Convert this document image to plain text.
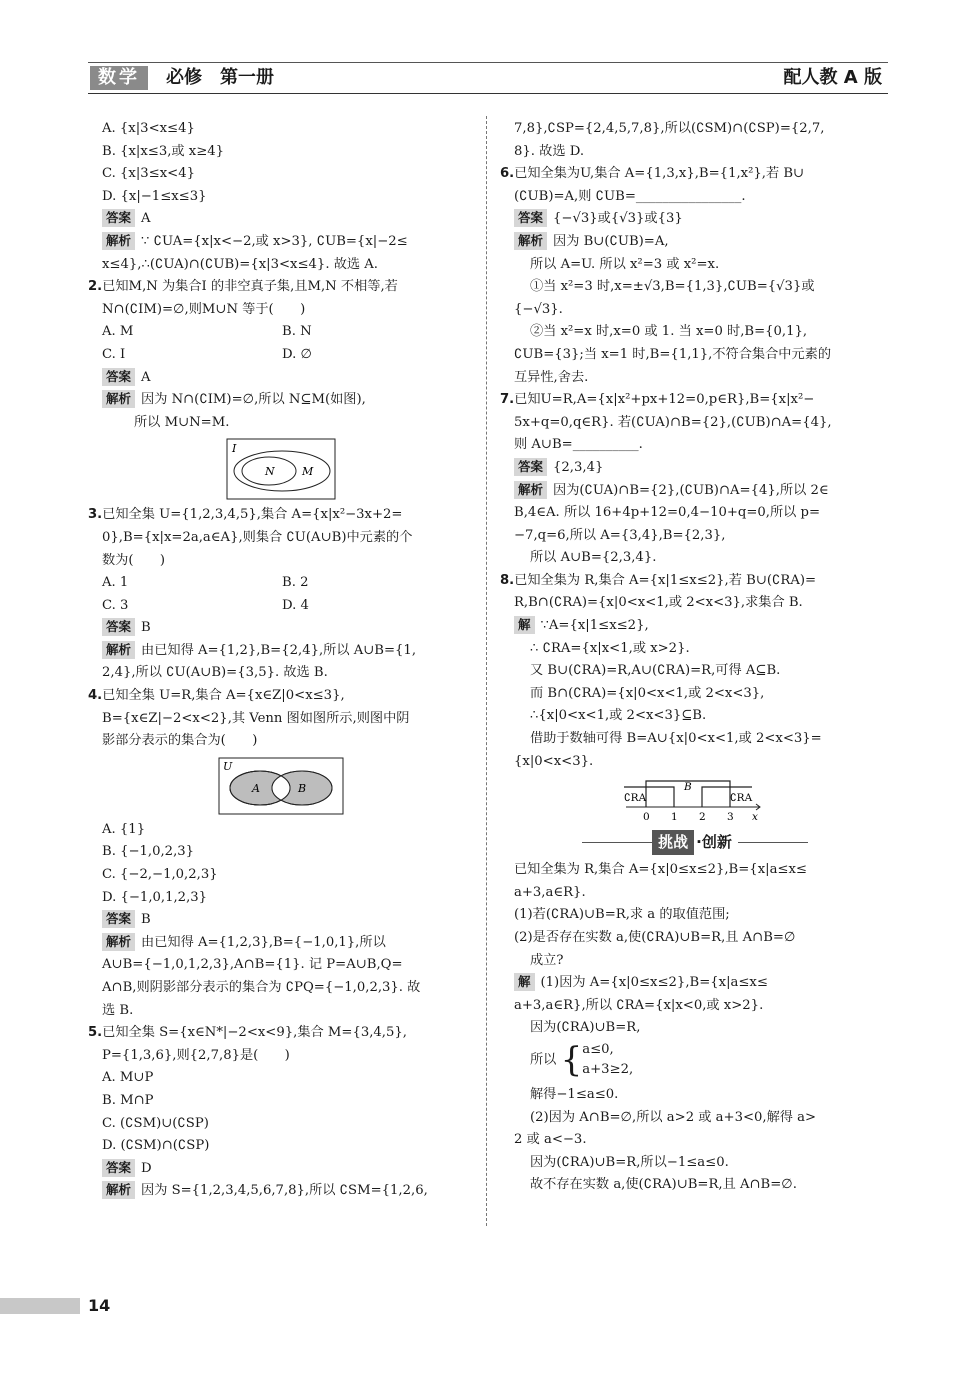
数学	必修　第一册	配人教 A 版
A. {x|3<x≤4}
B. {x|x≤3,或 x≥4}
C. {x|3≤x<4}
D. {x|−1≤x≤3}
答案 A
解析 ∵ ∁UA={x|x<−2,或 x>3}, ∁UB={x|−2≤
x≤4},∴(∁UA)∩(∁UB)={x|3<x≤4}. 故选 A.
2.已知M,N 为集合I 的非空真子集,且M,N 不相等,若
N∩(∁IM)=∅,则M∪N 等于(　　)
A. M	B. N
C. I	D. ∅
答案 A
解析 因为 N∩(∁IM)=∅,所以 N⊆M(如图),
所以 M∪N=M.
I
N M
3.已知全集 U={1,2,3,4,5},集合 A={x|x²−3x+2=
0},B={x|x=2a,a∈A},则集合 ∁U(A∪B)中元素的个
数为(　　)
A. 1	B. 2
C. 3	D. 4
答案 B
解析 由已知得 A={1,2},B={2,4},所以 A∪B={1,
2,4},所以 ∁U(A∪B)={3,5}. 故选 B.
4.已知全集 U=R,集合 A={x∈Z|0<x≤3},
B={x∈Z|−2<x<2},其 Venn 图如图所示,则图中阴
影部分表示的集合为(　　)
U
A	B
A. {1}
B. {−1,0,2,3}
C. {−2,−1,0,2,3}
D. {−1,0,1,2,3}
答案 B
解析 由已知得 A={1,2,3},B={−1,0,1},所以
A∪B={−1,0,1,2,3},A∩B={1}. 记 P=A∪B,Q=
A∩B,则阴影部分表示的集合为 ∁PQ={−1,0,2,3}. 故
选 B.
5.已知全集 S={x∈N*|−2<x<9},集合 M={3,4,5},
P={1,3,6},则{2,7,8}是(　　)
A. M∪P
B. M∩P
C. (∁SM)∪(∁SP)
D. (∁SM)∩(∁SP)
答案 D
解析 因为 S={1,2,3,4,5,6,7,8},所以 ∁SM={1,2,6,
7,8},∁SP={2,4,5,7,8},所以(∁SM)∩(∁SP)={2,7,
8}. 故选 D.
6.已知全集为U,集合 A={1,3,x},B={1,x²},若 B∪
(∁UB)=A,则 ∁UB=________________.
答案 {−√3}或{√3}或{3}
解析 因为 B∪(∁UB)=A,
所以 A=U. 所以 x²=3 或 x²=x.
①当 x²=3 时,x=±√3,B={1,3},∁UB={√3}或
{−√3}.
②当 x²=x 时,x=0 或 1. 当 x=0 时,B={0,1},
∁UB={3};当 x=1 时,B={1,1},不符合集合中元素的
互异性,舍去.
7.已知U=R,A={x|x²+px+12=0,p∈R},B={x|x²−
5x+q=0,q∈R}. 若(∁UA)∩B={2},(∁UB)∩A={4},
则 A∪B=__________.
答案 {2,3,4}
解析 因为(∁UA)∩B={2},(∁UB)∩A={4},所以 2∈
B,4∈A. 所以 16+4p+12=0,4−10+q=0,所以 p=
−7,q=6,所以 A={3,4},B={2,3},
所以 A∪B={2,3,4}.
8.已知全集为 R,集合 A={x|1≤x≤2},若 B∪(∁RA)=
R,B∩(∁RA)={x|0<x<1,或 2<x<3},求集合 B.
解 ∵A={x|1≤x≤2},
∴ ∁RA={x|x<1,或 x>2}.
又 B∪(∁RA)=R,A∪(∁RA)=R,可得 A⊆B.
而 B∩(∁RA)={x|0<x<1,或 2<x<3},
∴{x|0<x<1,或 2<x<3}⊆B.
借助于数轴可得 B=A∪{x|0<x<1,或 2<x<3}=
{x|0<x<3}.
∁RA
B
∁RA
0 1 2 3 x
挑战 ·创新
已知全集为 R,集合 A={x|0≤x≤2},B={x|a≤x≤
a+3,a∈R}.
(1)若(∁RA)∪B=R,求 a 的取值范围;
(2)是否存在实数 a,使(∁RA)∪B=R,且 A∩B=∅
成立?
解 (1)因为 A={x|0≤x≤2},B={x|a≤x≤
a+3,a∈R},所以 ∁RA={x|x<0,或 x>2}.
因为(∁RA)∪B=R,
所以 { a≤0,
a+3≥2,
解得−1≤a≤0.
(2)因为 A∩B=∅,所以 a>2 或 a+3<0,解得 a>
2 或 a<−3.
因为(∁RA)∪B=R,所以−1≤a≤0.
故不存在实数 a,使(∁RA)∪B=R,且 A∩B=∅.
14
